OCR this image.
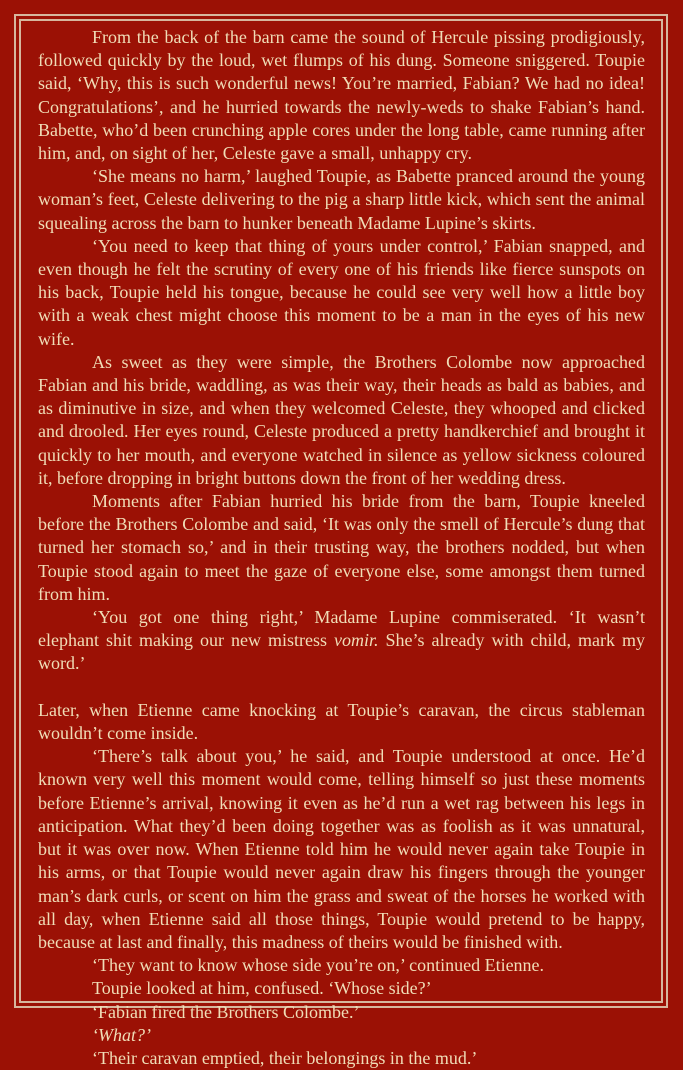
From the back of the barn came the sound of Hercule pissing prodigiously, followed quickly by the loud, wet flumps of his dung. Someone sniggered. Toupie said, ‘Why, this is such wonderful news! You’re married, Fabian? We had no idea! Congratulations’, and he hurried towards the newly-weds to shake Fabian’s hand. Babette, who’d been crunching apple cores under the long table, came running after him, and, on sight of her, Celeste gave a small, unhappy cry.

‘She means no harm,’ laughed Toupie, as Babette pranced around the young woman’s feet, Celeste delivering to the pig a sharp little kick, which sent the animal squealing across the barn to hunker beneath Madame Lupine’s skirts.

‘You need to keep that thing of yours under control,’ Fabian snapped, and even though he felt the scrutiny of every one of his friends like fierce sunspots on his back, Toupie held his tongue, because he could see very well how a little boy with a weak chest might choose this moment to be a man in the eyes of his new wife.

As sweet as they were simple, the Brothers Colombe now approached Fabian and his bride, waddling, as was their way, their heads as bald as babies, and as diminutive in size, and when they welcomed Celeste, they whooped and clicked and drooled. Her eyes round, Celeste produced a pretty handkerchief and brought it quickly to her mouth, and everyone watched in silence as yellow sickness coloured it, before dropping in bright buttons down the front of her wedding dress.

Moments after Fabian hurried his bride from the barn, Toupie kneeled before the Brothers Colombe and said, ‘It was only the smell of Hercule’s dung that turned her stomach so,’ and in their trusting way, the brothers nodded, but when Toupie stood again to meet the gaze of everyone else, some amongst them turned from him.

‘You got one thing right,’ Madame Lupine commiserated. ‘It wasn’t elephant shit making our new mistress vomir. She’s already with child, mark my word.’

Later, when Etienne came knocking at Toupie’s caravan, the circus stableman wouldn’t come inside.

‘There’s talk about you,’ he said, and Toupie understood at once. He’d known very well this moment would come, telling himself so just these moments before Etienne’s arrival, knowing it even as he’d run a wet rag between his legs in anticipation. What they’d been doing together was as foolish as it was unnatural, but it was over now. When Etienne told him he would never again take Toupie in his arms, or that Toupie would never again draw his fingers through the younger man’s dark curls, or scent on him the grass and sweat of the horses he worked with all day, when Etienne said all those things, Toupie would pretend to be happy, because at last and finally, this madness of theirs would be finished with.

‘They want to know whose side you’re on,’ continued Etienne.

Toupie looked at him, confused. ‘Whose side?’

‘Fabian fired the Brothers Colombe.’

‘What?’

‘Their caravan emptied, their belongings in the mud.’
